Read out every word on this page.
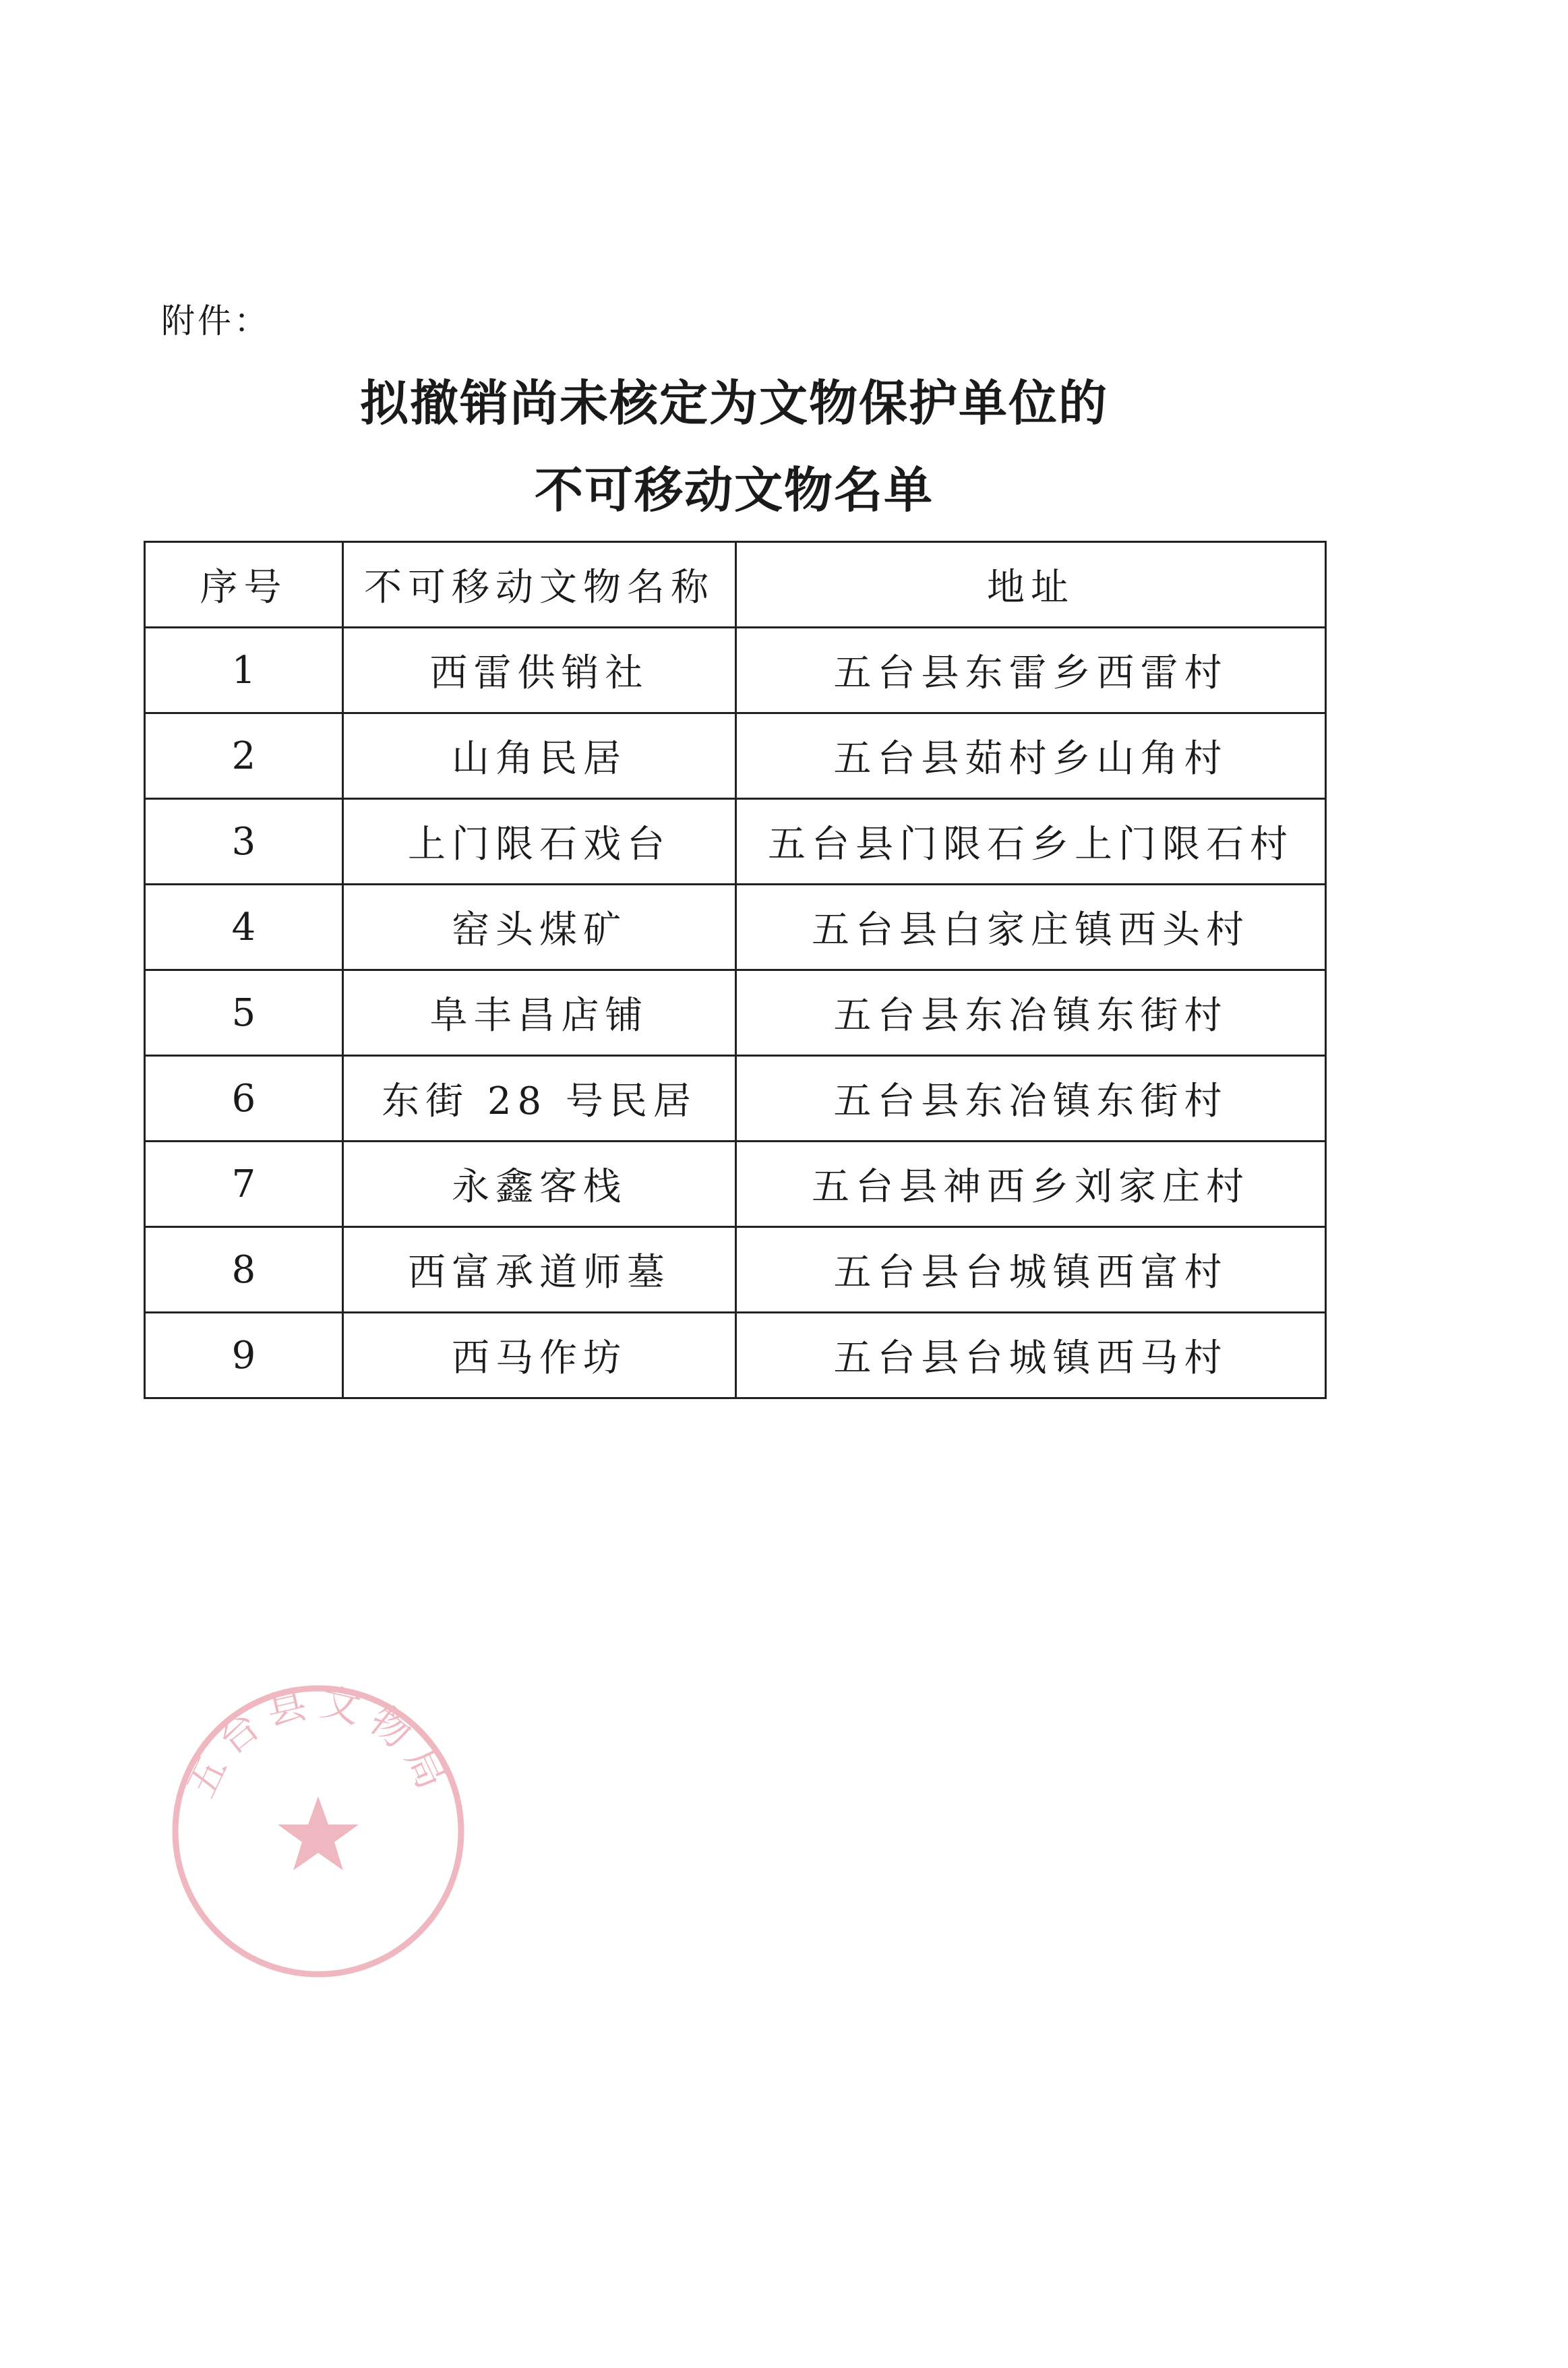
附件：
拟撤销尚未核定为文物保护单位的
不可移动文物名单
序号	不可移动文物名称	地址
1	西雷供销社	五台县东雷乡西雷村
2	山角民居	五台县茹村乡山角村
3	上门限石戏台	五台县门限石乡上门限石村
4	窑头煤矿	五台县白家庄镇西头村
5	阜丰昌店铺	五台县东冶镇东街村
6	东街 28 号民居	五台县东冶镇东街村
7	永鑫客栈	五台县神西乡刘家庄村
8	西富承道师墓	五台县台城镇西富村
9	西马作坊	五台县台城镇西马村
五台县文物局
